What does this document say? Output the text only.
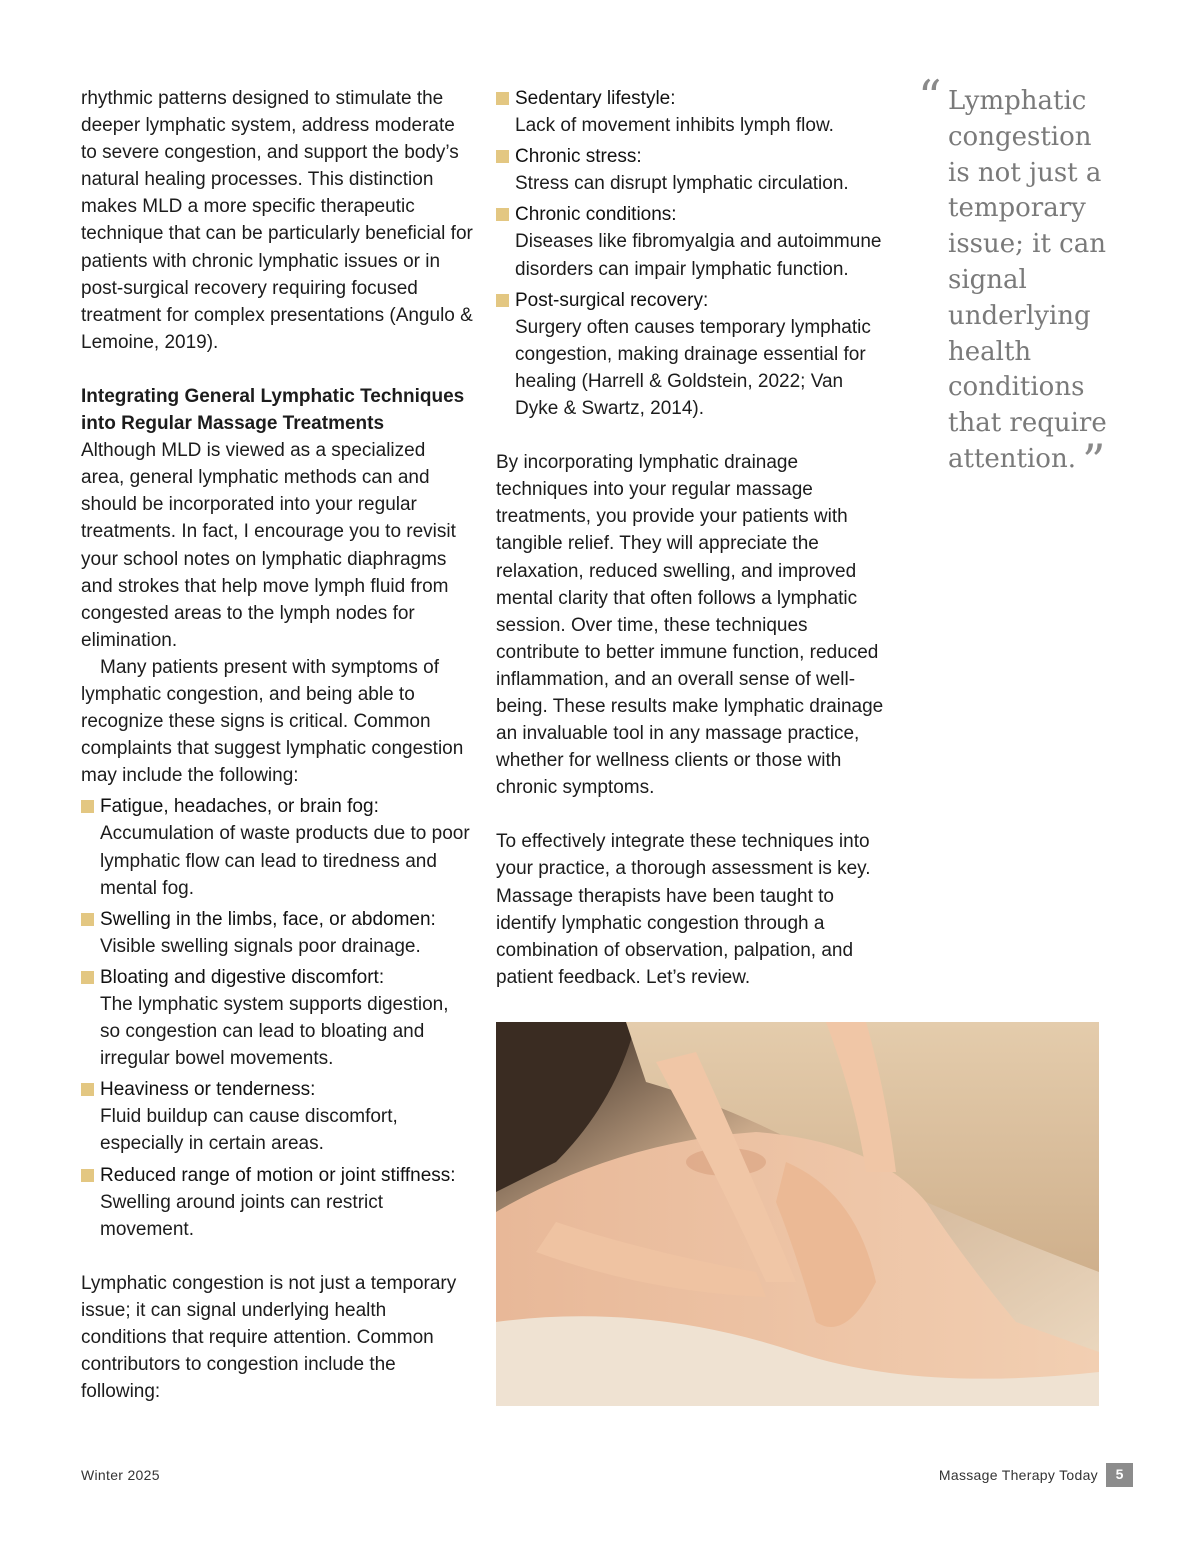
rhythmic patterns designed to stimulate the deeper lymphatic system, address moderate to severe congestion, and support the body’s natural healing processes. This distinction makes MLD a more specific therapeutic technique that can be particularly beneficial for patients with chronic lymphatic issues or in post-surgical recovery requiring focused treatment for complex presentations (Angulo & Lemoine, 2019).

Integrating General Lymphatic Techniques into Regular Massage Treatments

Although MLD is viewed as a specialized area, general lymphatic methods can and should be incorporated into your regular treatments. In fact, I encourage you to revisit your school notes on lymphatic diaphragms and strokes that help move lymph fluid from congested areas to the lymph nodes for elimination.

Many patients present with symptoms of lymphatic congestion, and being able to recognize these signs is critical. Common complaints that suggest lymphatic congestion may include the following:

Fatigue, headaches, or brain fog:
Accumulation of waste products due to poor lymphatic flow can lead to tiredness and mental fog.
Swelling in the limbs, face, or abdomen:
Visible swelling signals poor drainage.
Bloating and digestive discomfort:
The lymphatic system supports digestion, so congestion can lead to bloating and irregular bowel movements.
Heaviness or tenderness:
Fluid buildup can cause discomfort, especially in certain areas.
Reduced range of motion or joint stiffness:
Swelling around joints can restrict movement.

Lymphatic congestion is not just a temporary issue; it can signal underlying health conditions that require attention. Common contributors to congestion include the following:

Sedentary lifestyle:
Lack of movement inhibits lymph flow.
Chronic stress:
Stress can disrupt lymphatic circulation.
Chronic conditions:
Diseases like fibromyalgia and autoimmune disorders can impair lymphatic function.
Post-surgical recovery:
Surgery often causes temporary lymphatic congestion, making drainage essential for healing (Harrell & Goldstein, 2022; Van Dyke & Swartz, 2014).

By incorporating lymphatic drainage techniques into your regular massage treatments, you provide your patients with tangible relief. They will appreciate the relaxation, reduced swelling, and improved mental clarity that often follows a lymphatic session. Over time, these techniques contribute to better immune function, reduced inflammation, and an overall sense of well-being. These results make lymphatic drainage an invaluable tool in any massage practice, whether for wellness clients or those with chronic symptoms.

To effectively integrate these techniques into your practice, a thorough assessment is key. Massage therapists have been taught to identify lymphatic congestion through a combination of observation, palpation, and patient feedback. Let’s review.

“ Lymphatic congestion is not just a temporary issue; it can signal underlying health conditions that require attention. ”
Winter 2025	Massage Therapy Today	5
